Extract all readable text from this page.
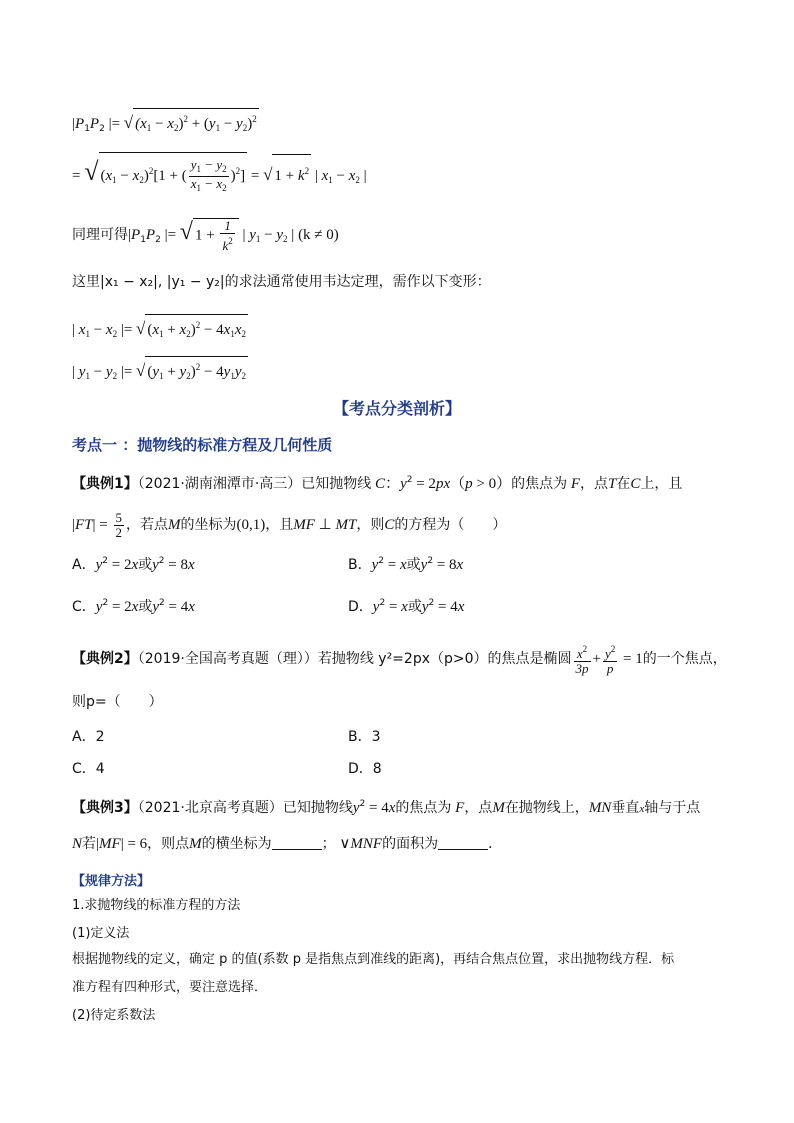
$|P_1P_2$ |= √ $(x_1 - x_2)^2 + (y_1 - y_2)^2$
= √ $(x_1 - x_2)^2[1$ + ( $\frac{y_1 - y_2}{x_1 - x_2} )^2$] = √ $1 + k^2$ | $x_1 - x_2$ |
同理可得$|P_1P_2$ |= √ $1 + \frac{1}{k^2}$ | $y_1 - y_2$ | (k ≠ 0)
这里|x₁ − x₂|, |y₁ − y₂|的求法通常使用韦达定理，需作以下变形：
| $x_1 - x_2$ |= √ $(x_1 + x_2)^2 - 4x_1x_2$
| $y_1 - y_2$ |= √ $(y_1 + y_2)^2 - 4y_1y_2$
【考点分类剖析】
考点一 ：抛物线的标准方程及几何性质
【典例1】（2021·湖南湘潭市·高三）已知抛物线 C：$y^2 = 2px(p > 0)$的焦点为 F，点T在C上，且
$|FT| = \frac{5}{2}$ ，若点M的坐标为(0,1)，且MF ⊥ MT，则C的方程为（　　）
A．$y^2 = 2x$或$y^2 = 8x$	B．$y^2 = x$或$y^2 = 8x$
C．$y^2 = 2x$或$y^2 = 4x$	D．$y^2 = x$或$y^2 = 4x$
【典例2】（2019·全国高考真题（理））若抛物线 y²=2px（p>0）的焦点是椭圆 $\frac{x^2}{3p} + \frac{y^2}{p} = 1$的一个焦点，
则p=（　　）
A．2	B．3
C．4	D．8
【典例3】（2021·北京高考真题）已知抛物线$y^2 = 4x$的焦点为 F，点M在抛物线上，MN垂直x轴与于点
N若|MF| = 6，则点M的横坐标为	； ∨MNF的面积为	．
【规律方法】
1.求抛物线的标准方程的方法
(1)定义法
根据抛物线的定义，确定 p 的值(系数 p 是指焦点到准线的距离)，再结合焦点位置，求出抛物线方程．标
准方程有四种形式，要注意选择．
(2)待定系数法
